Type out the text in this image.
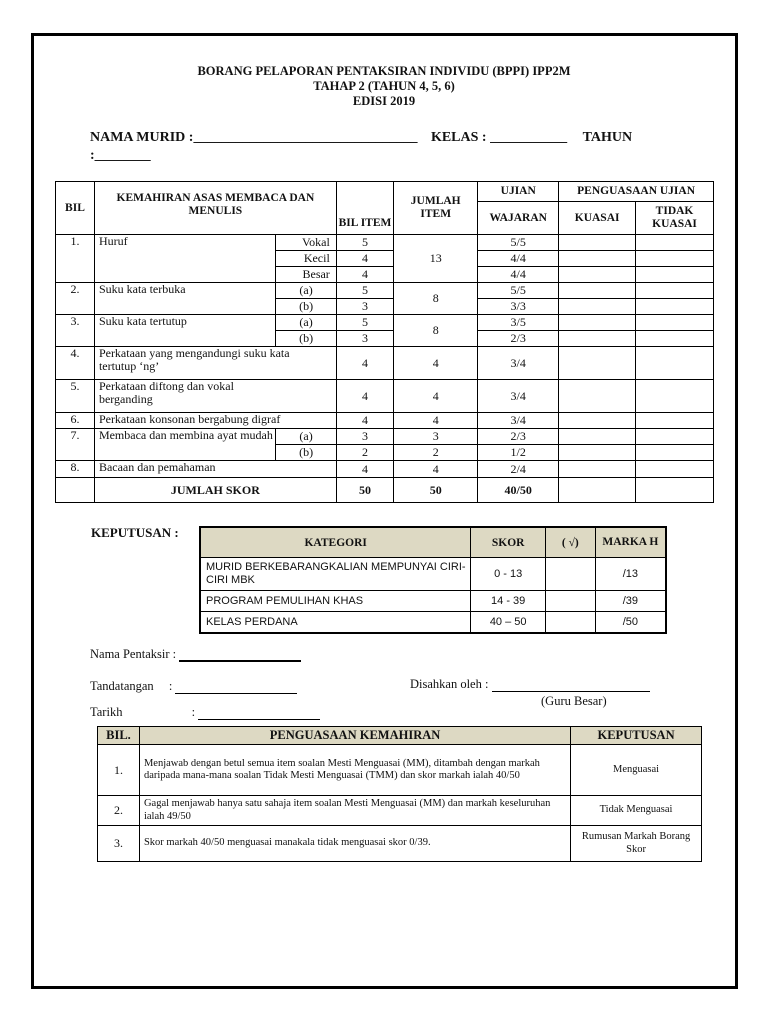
BORANG PELAPORAN PENTAKSIRAN INDIVIDU (BPPI) IPP2M
TAHAP 2 (TAHUN 4, 5, 6)
EDISI 2019
NAMA MURID :________________________________ KELAS : ___________ TAHUN
:________
BIL	KEMAHIRAN ASAS MEMBACA DAN MENULIS		BIL ITEM	JUMLAH ITEM	UJIAN	PENGUASAAN UJIAN	
					WAJARAN	KUASAI	TIDAK KUASAI
1.	Huruf	Vokal	5	13	5/5		
		Kecil	4		4/4		
		Besar	4		4/4		
2.	Suku kata terbuka	(a)	5	8	5/5		
		(b)	3		3/3		
3.	Suku kata tertutup	(a)	5	8	3/5		
		(b)	3		2/3		
4.	Perkataan yang mengandungi suku kata tertutup ‘ng’		4	4	3/4		
5.	Perkataan diftong dan vokal berganding		4	4	3/4		
6.	Perkataan konsonan bergabung digraf		4	4	3/4		
7.	Membaca dan membina ayat mudah	(a)	3	3	2/3		
		(b)	2	2	1/2		
8.	Bacaan dan pemahaman		4	4	2/4		
	JUMLAH SKOR		50	50	40/50		
KEPUTUSAN :
KATEGORI	SKOR	( √)	MARKA H
MURID BERKEBARANGKALIAN MEMPUNYAI CIRI-CIRI MBK	0 - 13		/13
PROGRAM PEMULIHAN KHAS	14 - 39		/39
KELAS PERDANA	40 – 50		/50
Nama Pentaksir :
Tandatangan :	Disahkan oleh :
(Guru Besar)
Tarikh	:
BIL.	PENGUASAAN KEMAHIRAN	KEPUTUSAN
1.	Menjawab dengan betul semua item soalan Mesti Menguasai (MM), ditambah dengan markah daripada mana-mana soalan Tidak Mesti Menguasai (TMM) dan skor markah ialah 40/50	Menguasai
2.	Gagal menjawab hanya satu sahaja item soalan Mesti Menguasai (MM) dan markah keseluruhan ialah 49/50	Tidak Menguasai
3.	Skor markah 40/50 menguasai manakala tidak menguasai skor 0/39.	Rumusan Markah Borang Skor
